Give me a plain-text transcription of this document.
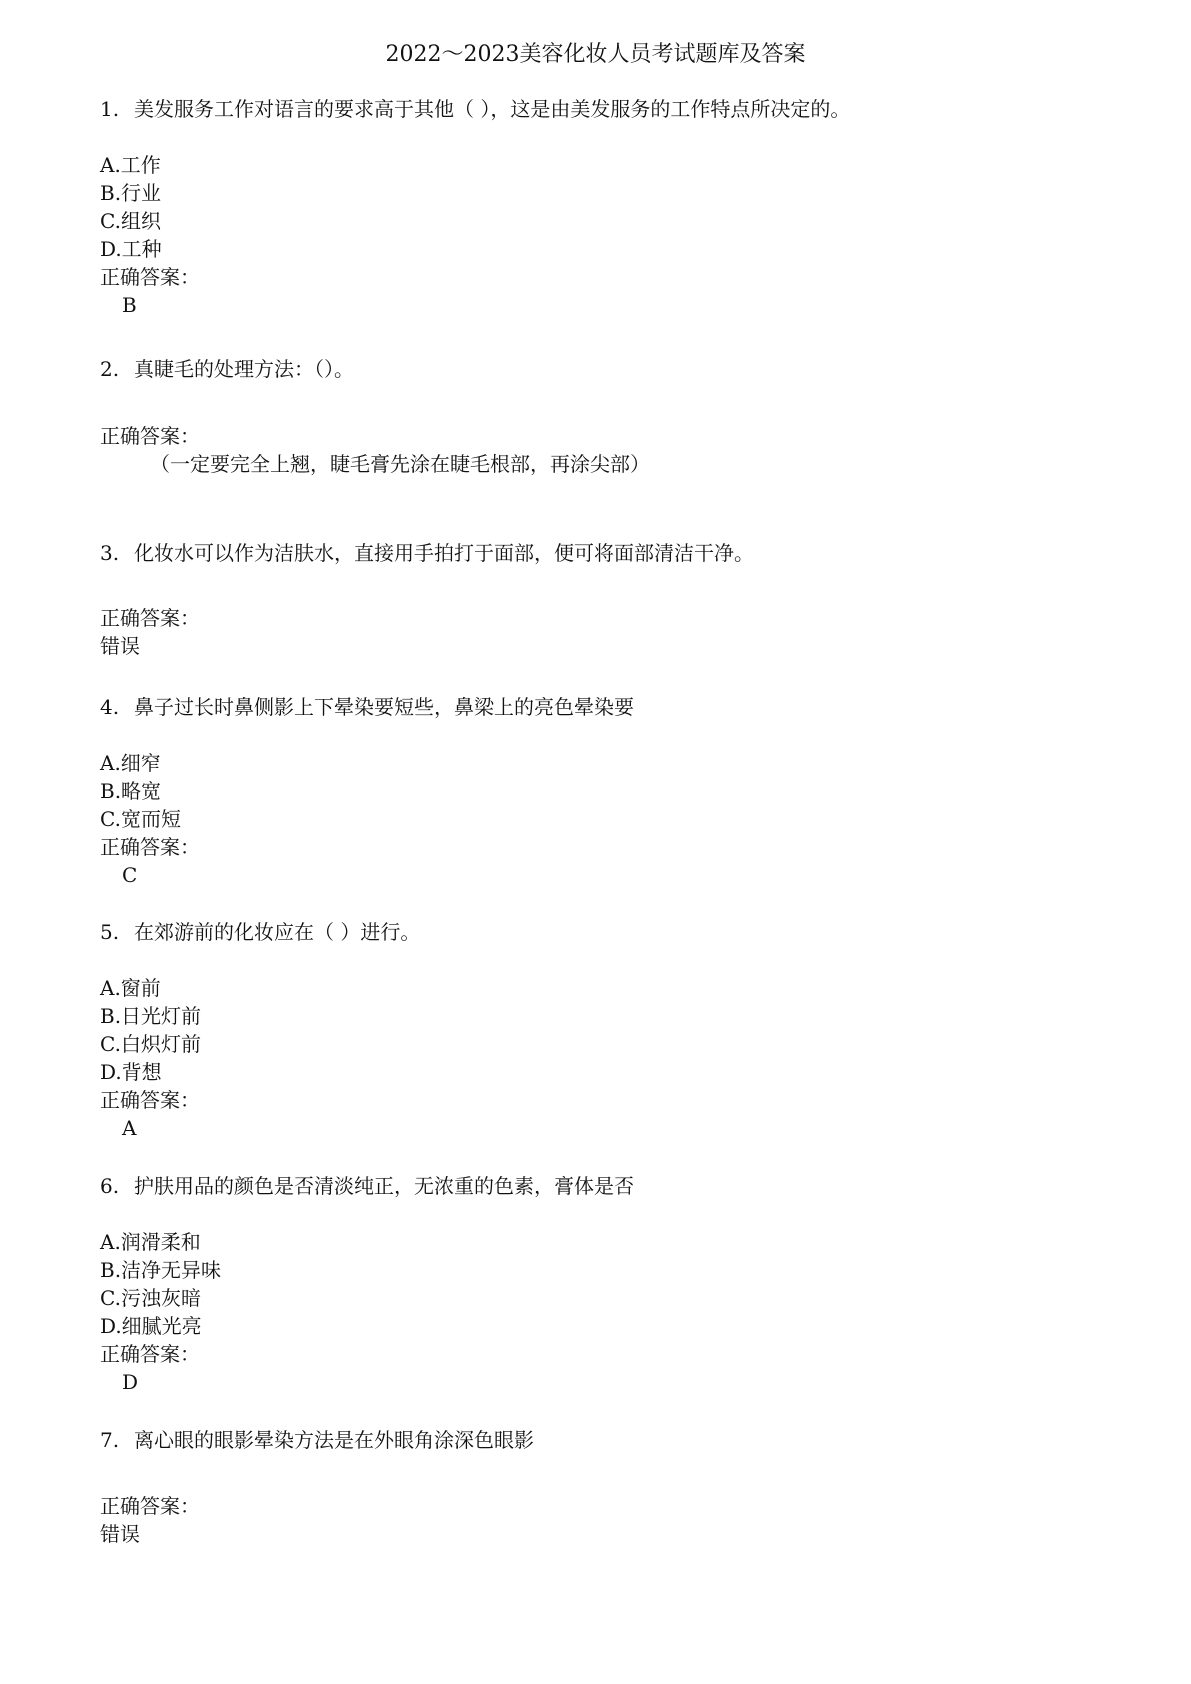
2022～2023美容化妆人员考试题库及答案
1. 美发服务工作对语言的要求高于其他（ ），这是由美发服务的工作特点所决定的。
A.工作
B.行业
C.组织
D.工种
正确答案：
B
2. 真睫毛的处理方法：（）。
正确答案：
（一定要完全上翘，睫毛膏先涂在睫毛根部，再涂尖部）
3. 化妆水可以作为洁肤水，直接用手拍打于面部，便可将面部清洁干净。
正确答案：
错误
4. 鼻子过长时鼻侧影上下晕染要短些，鼻梁上的亮色晕染要
A.细窄
B.略宽
C.宽而短
正确答案：
C
5. 在郊游前的化妆应在（ ）进行。
A.窗前
B.日光灯前
C.白炽灯前
D.背想
正确答案：
A
6. 护肤用品的颜色是否清淡纯正，无浓重的色素，膏体是否
A.润滑柔和
B.洁净无异味
C.污浊灰暗
D.细腻光亮
正确答案：
D
7. 离心眼的眼影晕染方法是在外眼角涂深色眼影
正确答案：
错误
